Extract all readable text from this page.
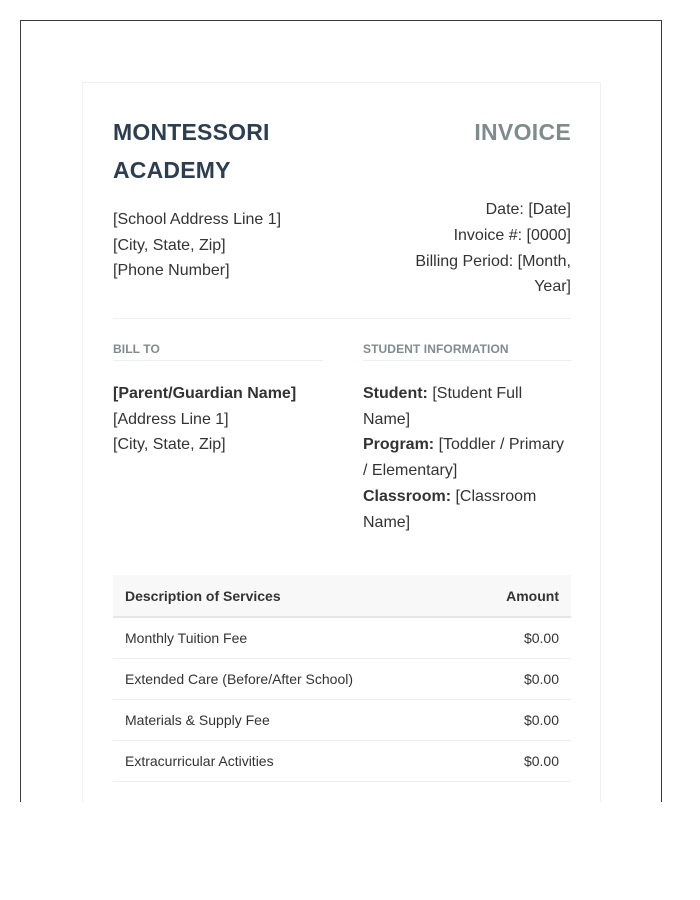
MONTESSORI
ACADEMY
[School Address Line 1]
[City, State, Zip]
[Phone Number]
INVOICE
Date: [Date]
Invoice #: [0000]
Billing Period: [Month, Year]
BILL TO
[Parent/Guardian Name]
[Address Line 1]
[City, State, Zip]
STUDENT INFORMATION
Student: [Student Full Name]
Program: [Toddler / Primary / Elementary]
Classroom: [Classroom Name]
Description of Services	Amount
Monthly Tuition Fee	$0.00
Extended Care (Before/After School)	$0.00
Materials & Supply Fee	$0.00
Extracurricular Activities	$0.00
